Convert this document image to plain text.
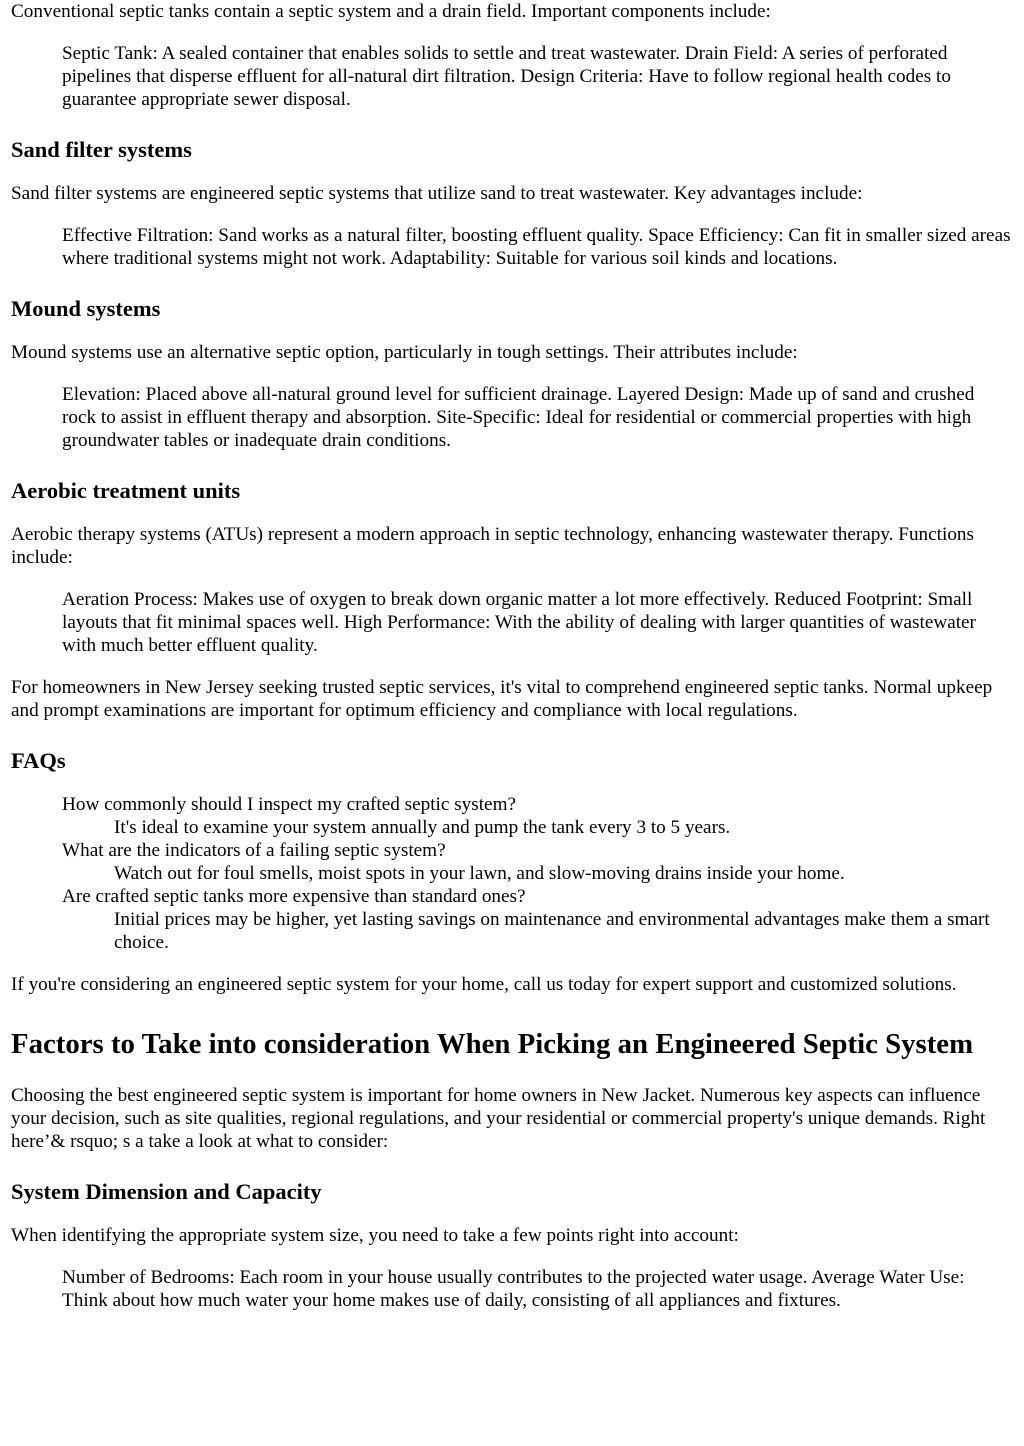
Conventional septic tanks contain a septic system and a drain field. Important components include:

Septic Tank: A sealed container that enables solids to settle and treat wastewater. Drain Field: A series of perforated pipelines that disperse effluent for all-natural dirt filtration. Design Criteria: Have to follow regional health codes to guarantee appropriate sewer disposal.
Sand filter systems

Sand filter systems are engineered septic systems that utilize sand to treat wastewater. Key advantages include:

Effective Filtration: Sand works as a natural filter, boosting effluent quality. Space Efficiency: Can fit in smaller sized areas where traditional systems might not work. Adaptability: Suitable for various soil kinds and locations.
Mound systems

Mound systems use an alternative septic option, particularly in tough settings. Their attributes include:

Elevation: Placed above all-natural ground level for sufficient drainage. Layered Design: Made up of sand and crushed rock to assist in effluent therapy and absorption. Site-Specific: Ideal for residential or commercial properties with high groundwater tables or inadequate drain conditions.
Aerobic treatment units

Aerobic therapy systems (ATUs) represent a modern approach in septic technology, enhancing wastewater therapy. Functions include:

Aeration Process: Makes use of oxygen to break down organic matter a lot more effectively. Reduced Footprint: Small layouts that fit minimal spaces well. High Performance: With the ability of dealing with larger quantities of wastewater with much better effluent quality.

For homeowners in New Jersey seeking trusted septic services, it's vital to comprehend engineered septic tanks. Normal upkeep and prompt examinations are important for optimum efficiency and compliance with local regulations.

FAQs
How commonly should I inspect my crafted septic system?
It's ideal to examine your system annually and pump the tank every 3 to 5 years.
What are the indicators of a failing septic system?
Watch out for foul smells, moist spots in your lawn, and slow-moving drains inside your home.
Are crafted septic tanks more expensive than standard ones?
Initial prices may be higher, yet lasting savings on maintenance and environmental advantages make them a smart choice.

If you're considering an engineered septic system for your home, call us today for expert support and customized solutions.

Factors to Take into consideration When Picking an Engineered Septic System

Choosing the best engineered septic system is important for home owners in New Jacket. Numerous key aspects can influence your decision, such as site qualities, regional regulations, and your residential or commercial property's unique demands. Right here’& rsquo; s a take a look at what to consider:

System Dimension and Capacity

When identifying the appropriate system size, you need to take a few points right into account:

Number of Bedrooms: Each room in your house usually contributes to the projected water usage. Average Water Use: Think about how much water your home makes use of daily, consisting of all appliances and fixtures.
